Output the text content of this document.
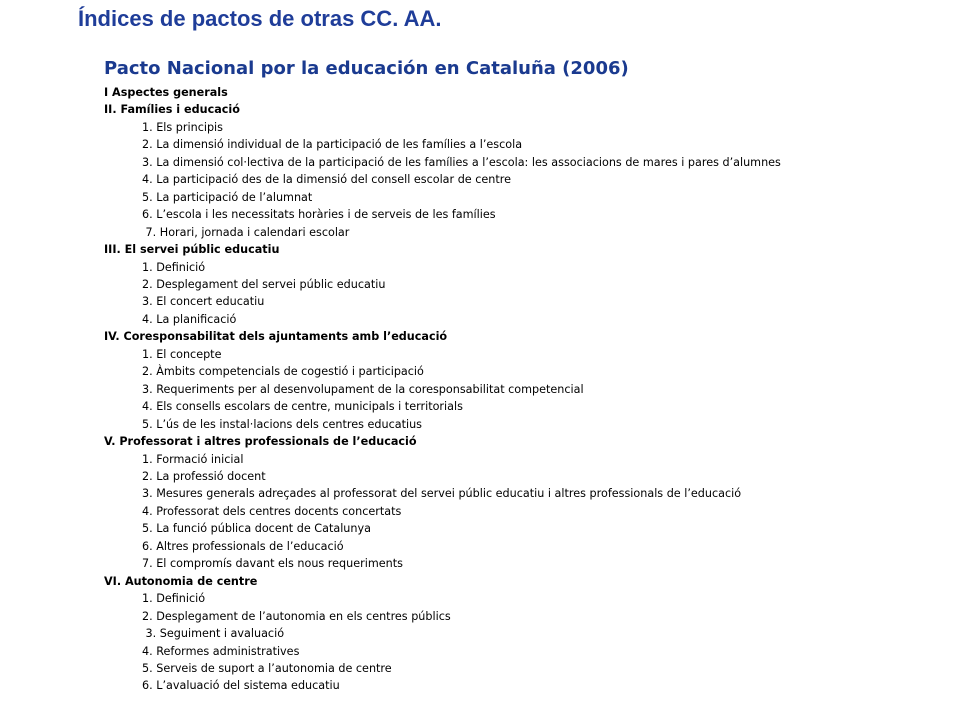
Índices de pactos de otras CC. AA.
Pacto Nacional por la educación en Cataluña (2006)
I Aspectes generals
II. Famílies i educació
1. Els principis
2. La dimensió individual de la participació de les famílies a l’escola
3. La dimensió col·lectiva de la participació de les famílies a l’escola: les associacions de mares i pares d’alumnes
4. La participació des de la dimensió del consell escolar de centre
5. La participació de l’alumnat
6. L’escola i les necessitats horàries i de serveis de les famílies
7. Horari, jornada i calendari escolar
III. El servei públic educatiu
1. Definició
2. Desplegament del servei públic educatiu
3. El concert educatiu
4. La planificació
IV. Coresponsabilitat dels ajuntaments amb l’educació
1. El concepte
2. Àmbits competencials de cogestió i participació
3. Requeriments per al desenvolupament de la coresponsabilitat competencial
4. Els consells escolars de centre, municipals i territorials
5. L’ús de les instal·lacions dels centres educatius
V. Professorat i altres professionals de l’educació
1. Formació inicial
2. La professió docent
3. Mesures generals adreçades al professorat del servei públic educatiu i altres professionals de l’educació
4. Professorat dels centres docents concertats
5. La funció pública docent de Catalunya
6. Altres professionals de l’educació
7. El compromís davant els nous requeriments
VI. Autonomia de centre
1. Definició
2. Desplegament de l’autonomia en els centres públics
3. Seguiment i avaluació
4. Reformes administratives
5. Serveis de suport a l’autonomia de centre
6. L’avaluació del sistema educatiu
